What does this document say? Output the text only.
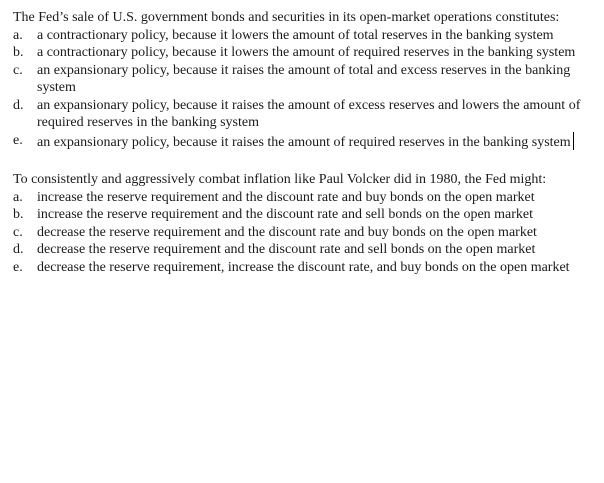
The Fed’s sale of U.S. government bonds and securities in its open-market operations constitutes:

a.	a contractionary policy, because it lowers the amount of total reserves in the banking system
b. a contractionary policy, because it lowers the amount of required reserves in the banking system
c.	an expansionary policy, because it raises the amount of total and excess reserves in the banking system
d. an expansionary policy, because it raises the amount of excess reserves and lowers the amount of required reserves in the banking system
e.	an expansionary policy, because it raises the amount of required reserves in the banking system

To consistently and aggressively combat inflation like Paul Volcker did in 1980, the Fed might:

a.	increase the reserve requirement and the discount rate and buy bonds on the open market
b. increase the reserve requirement and the discount rate and sell bonds on the open market
c.	decrease the reserve requirement and the discount rate and buy bonds on the open market
d. decrease the reserve requirement and the discount rate and sell bonds on the open market
e.	decrease the reserve requirement, increase the discount rate, and buy bonds on the open market
